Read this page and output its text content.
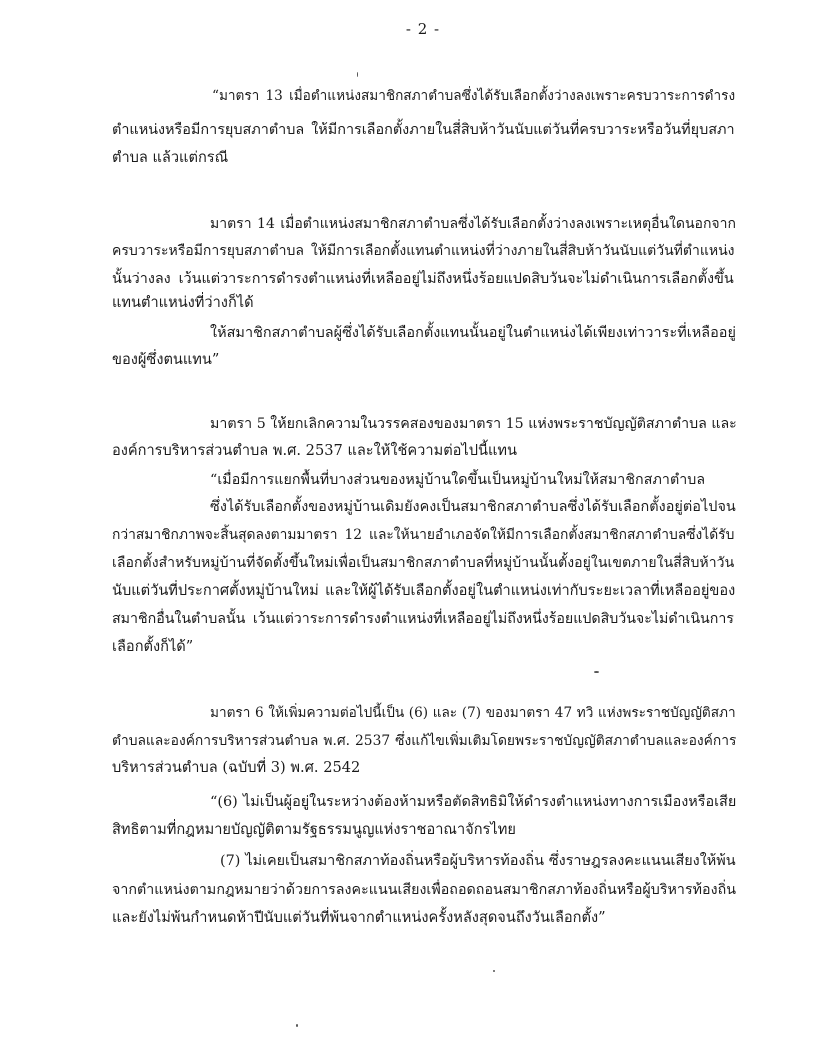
- 2 -
“มาตรา 13 เมื่อตำแหน่งสมาชิกสภาตำบลซึ่งได้รับเลือกตั้งว่างลงเพราะครบวาระการดำรง
ตำแหน่งหรือมีการยุบสภาตำบล ให้มีการเลือกตั้งภายในสี่สิบห้าวันนับแต่วันที่ครบวาระหรือวันที่ยุบสภา
ตำบล แล้วแต่กรณี
มาตรา 14 เมื่อตำแหน่งสมาชิกสภาตำบลซึ่งได้รับเลือกตั้งว่างลงเพราะเหตุอื่นใดนอกจาก
ครบวาระหรือมีการยุบสภาตำบล ให้มีการเลือกตั้งแทนตำแหน่งที่ว่างภายในสี่สิบห้าวันนับแต่วันที่ตำแหน่ง
นั้นว่างลง เว้นแต่วาระการดำรงตำแหน่งที่เหลืออยู่ไม่ถึงหนึ่งร้อยแปดสิบวันจะไม่ดำเนินการเลือกตั้งขึ้น
แทนตำแหน่งที่ว่างก็ได้
ให้สมาชิกสภาตำบลผู้ซึ่งได้รับเลือกตั้งแทนนั้นอยู่ในตำแหน่งได้เพียงเท่าวาระที่เหลืออยู่
ของผู้ซึ่งตนแทน”
มาตรา 5 ให้ยกเลิกความในวรรคสองของมาตรา 15 แห่งพระราชบัญญัติสภาตำบล และ
องค์การบริหารส่วนตำบล พ.ศ. 2537 และให้ใช้ความต่อไปนี้แทน
“เมื่อมีการแยกพื้นที่บางส่วนของหมู่บ้านใดขึ้นเป็นหมู่บ้านใหม่ให้สมาชิกสภาตำบล
ซึ่งได้รับเลือกตั้งของหมู่บ้านเดิมยังคงเป็นสมาชิกสภาตำบลซึ่งได้รับเลือกตั้งอยู่ต่อไปจน
กว่าสมาชิกภาพจะสิ้นสุดลงตามมาตรา 12 และให้นายอำเภอจัดให้มีการเลือกตั้งสมาชิกสภาตำบลซึ่งได้รับ
เลือกตั้งสำหรับหมู่บ้านที่จัดตั้งขึ้นใหม่เพื่อเป็นสมาชิกสภาตำบลที่หมู่บ้านนั้นตั้งอยู่ในเขตภายในสี่สิบห้าวัน
นับแต่วันที่ประกาศตั้งหมู่บ้านใหม่ และให้ผู้ได้รับเลือกตั้งอยู่ในตำแหน่งเท่ากับระยะเวลาที่เหลืออยู่ของ
สมาชิกอื่นในตำบลนั้น เว้นแต่วาระการดำรงตำแหน่งที่เหลืออยู่ไม่ถึงหนึ่งร้อยแปดสิบวันจะไม่ดำเนินการ
เลือกตั้งก็ได้”
มาตรา 6 ให้เพิ่มความต่อไปนี้เป็น (6) และ (7) ของมาตรา 47 ทวิ แห่งพระราชบัญญัติสภา
ตำบลและองค์การบริหารส่วนตำบล พ.ศ. 2537 ซึ่งแก้ไขเพิ่มเติมโดยพระราชบัญญัติสภาตำบลและองค์การ
บริหารส่วนตำบล (ฉบับที่ 3) พ.ศ. 2542
“(6) ไม่เป็นผู้อยู่ในระหว่างต้องห้ามหรือตัดสิทธิมิให้ดำรงตำแหน่งทางการเมืองหรือเสีย
สิทธิตามที่กฎหมายบัญญัติตามรัฐธรรมนูญแห่งราชอาณาจักรไทย
(7) ไม่เคยเป็นสมาชิกสภาท้องถิ่นหรือผู้บริหารท้องถิ่น ซึ่งราษฎรลงคะแนนเสียงให้พ้น
จากตำแหน่งตามกฎหมายว่าด้วยการลงคะแนนเสียงเพื่อถอดถอนสมาชิกสภาท้องถิ่นหรือผู้บริหารท้องถิ่น
และยังไม่พ้นกำหนดห้าปีนับแต่วันที่พ้นจากตำแหน่งครั้งหลังสุดจนถึงวันเลือกตั้ง”
